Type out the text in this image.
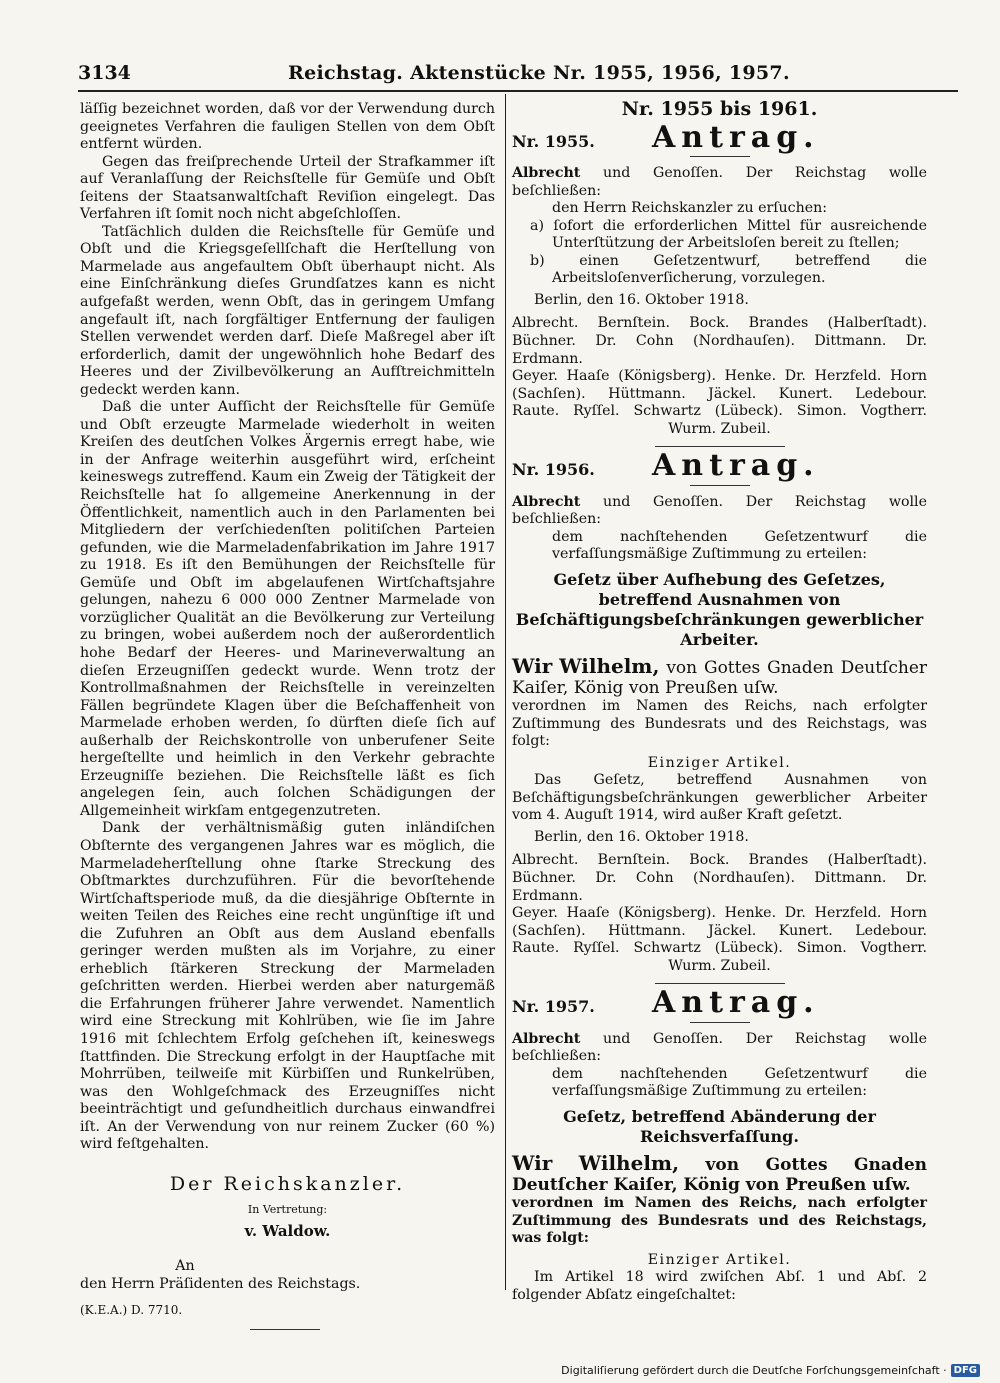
3134	Reichstag. Aktenstücke Nr. 1955, 1956, 1957.

läſſig bezeichnet worden, daß vor der Verwendung durch geeignetes Verfahren die fauligen Stellen von dem Obſt entfernt würden.

Gegen das freiſprechende Urteil der Strafkammer iſt auf Veranlaſſung der Reichsſtelle für Gemüſe und Obſt ſeitens der Staatsanwaltſchaft Reviſion eingelegt. Das Verfahren iſt ſomit noch nicht abgeſchloſſen.

Tatſächlich dulden die Reichsſtelle für Gemüſe und Obſt und die Kriegsgeſellſchaft die Herſtellung von Marmelade aus angefaultem Obſt überhaupt nicht. Als eine Einſchränkung dieſes Grundſatzes kann es nicht aufgefaßt werden, wenn Obſt, das in geringem Umfang angefault iſt, nach ſorgfältiger Entfernung der fauligen Stellen verwendet werden darf. Dieſe Maßregel aber iſt erforderlich, damit der ungewöhnlich hohe Bedarf des Heeres und der Zivilbevölkerung an Aufſtreichmitteln gedeckt werden kann.

Daß die unter Aufſicht der Reichsſtelle für Gemüſe und Obſt erzeugte Marmelade wiederholt in weiten Kreiſen des deutſchen Volkes Ärgernis erregt habe, wie in der Anfrage weiterhin ausgeführt wird, erſcheint keineswegs zutreffend. Kaum ein Zweig der Tätigkeit der Reichsſtelle hat ſo allgemeine Anerkennung in der Öffentlichkeit, namentlich auch in den Parlamenten bei Mitgliedern der verſchiedenſten politiſchen Parteien gefunden, wie die Marmeladenfabrikation im Jahre 1917 zu 1918. Es iſt den Bemühungen der Reichsſtelle für Gemüſe und Obſt im abgelaufenen Wirtſchaftsjahre gelungen, nahezu 6 000 000 Zentner Marmelade von vorzüglicher Qualität an die Bevölkerung zur Verteilung zu bringen, wobei außerdem noch der außerordentlich hohe Bedarf der Heeres- und Marineverwaltung an dieſen Erzeugniſſen gedeckt wurde. Wenn trotz der Kontrollmaßnahmen der Reichsſtelle in vereinzelten Fällen begründete Klagen über die Beſchaffenheit von Marmelade erhoben werden, ſo dürften dieſe ſich auf außerhalb der Reichskontrolle von unberufener Seite hergeſtellte und heimlich in den Verkehr gebrachte Erzeugniſſe beziehen. Die Reichsſtelle läßt es ſich angelegen ſein, auch ſolchen Schädigungen der Allgemeinheit wirkſam entgegenzutreten.

Dank der verhältnismäßig guten inländiſchen Obſternte des vergangenen Jahres war es möglich, die Marmeladeherſtellung ohne ſtarke Streckung des Obſtmarktes durchzuführen. Für die bevorſtehende Wirtſchaftsperiode muß, da die diesjährige Obſternte in weiten Teilen des Reiches eine recht ungünſtige iſt und die Zufuhren an Obſt aus dem Ausland ebenfalls geringer werden mußten als im Vorjahre, zu einer erheblich ſtärkeren Streckung der Marmeladen geſchritten werden. Hierbei werden aber naturgemäß die Erfahrungen früherer Jahre verwendet. Namentlich wird eine Streckung mit Kohlrüben, wie ſie im Jahre 1916 mit ſchlechtem Erfolg geſchehen iſt, keineswegs ſtattfinden. Die Streckung erfolgt in der Hauptſache mit Mohrrüben, teilweiſe mit Kürbiſſen und Runkelrüben, was den Wohlgeſchmack des Erzeugniſſes nicht beeinträchtigt und geſundheitlich durchaus einwandfrei iſt. An der Verwendung von nur reinem Zucker (60 %) wird feſtgehalten.

Der Reichskanzler.

In Vertretung:

v. Waldow.

An

den Herrn Präſidenten des Reichstags.

(K.E.A.) D. 7710.

Nr. 1955 bis 1961.

Nr. 1955.	Antrag.

Albrecht und Genoſſen. Der Reichstag wolle beſchließen:

den Herrn Reichskanzler zu erſuchen:

a) ſofort die erforderlichen Mittel für ausreichende Unterſtützung der Arbeitsloſen bereit zu ſtellen;

b) einen Geſetzentwurf, betreffend die Arbeitsloſenverſicherung, vorzulegen.

Berlin, den 16. Oktober 1918.

Albrecht. Bernſtein. Bock. Brandes (Halberſtadt).

Büchner. Dr. Cohn (Nordhauſen). Dittmann. Dr. Erdmann.

Geyer. Haaſe (Königsberg). Henke. Dr. Herzfeld. Horn

(Sachſen). Hüttmann. Jäckel. Kunert. Ledebour.

Raute. Ryſſel. Schwartz (Lübeck). Simon. Vogtherr.

Wurm. Zubeil.

Nr. 1956.	Antrag.

Albrecht und Genoſſen. Der Reichstag wolle beſchließen:

dem nachſtehenden Geſetzentwurf die verfaſſungsmäßige Zuſtimmung zu erteilen:

Geſetz über Aufhebung des Geſetzes, betreffend Ausnahmen von Beſchäftigungsbeſchränkungen gewerblicher Arbeiter.

Wir Wilhelm, von Gottes Gnaden Deutſcher Kaiſer, König von Preußen uſw.

verordnen im Namen des Reichs, nach erfolgter Zuſtimmung des Bundesrats und des Reichstags, was folgt:

Einziger Artikel.

Das Geſetz, betreffend Ausnahmen von Beſchäftigungsbeſchränkungen gewerblicher Arbeiter vom 4. Auguſt 1914, wird außer Kraft geſetzt.

Berlin, den 16. Oktober 1918.

Albrecht. Bernſtein. Bock. Brandes (Halberſtadt).

Büchner. Dr. Cohn (Nordhauſen). Dittmann. Dr. Erdmann.

Geyer. Haaſe (Königsberg). Henke. Dr. Herzfeld. Horn

(Sachſen). Hüttmann. Jäckel. Kunert. Ledebour.

Raute. Ryſſel. Schwartz (Lübeck). Simon. Vogtherr.

Wurm. Zubeil.

Nr. 1957.	Antrag.

Albrecht und Genoſſen. Der Reichstag wolle beſchließen:

dem nachſtehenden Geſetzentwurf die verfaſſungsmäßige Zuſtimmung zu erteilen:

Geſetz, betreffend Abänderung der Reichsverfaſſung.

Wir Wilhelm, von Gottes Gnaden Deutſcher Kaiſer, König von Preußen uſw.

verordnen im Namen des Reichs, nach erfolgter Zuſtimmung des Bundesrats und des Reichstags, was folgt:

Einziger Artikel.

Im Artikel 18 wird zwiſchen Abſ. 1 und Abſ. 2 folgender Abſatz eingeſchaltet:

Digitaliſierung gefördert durch die Deutſche Forſchungsgemeinſchaft · DFG
